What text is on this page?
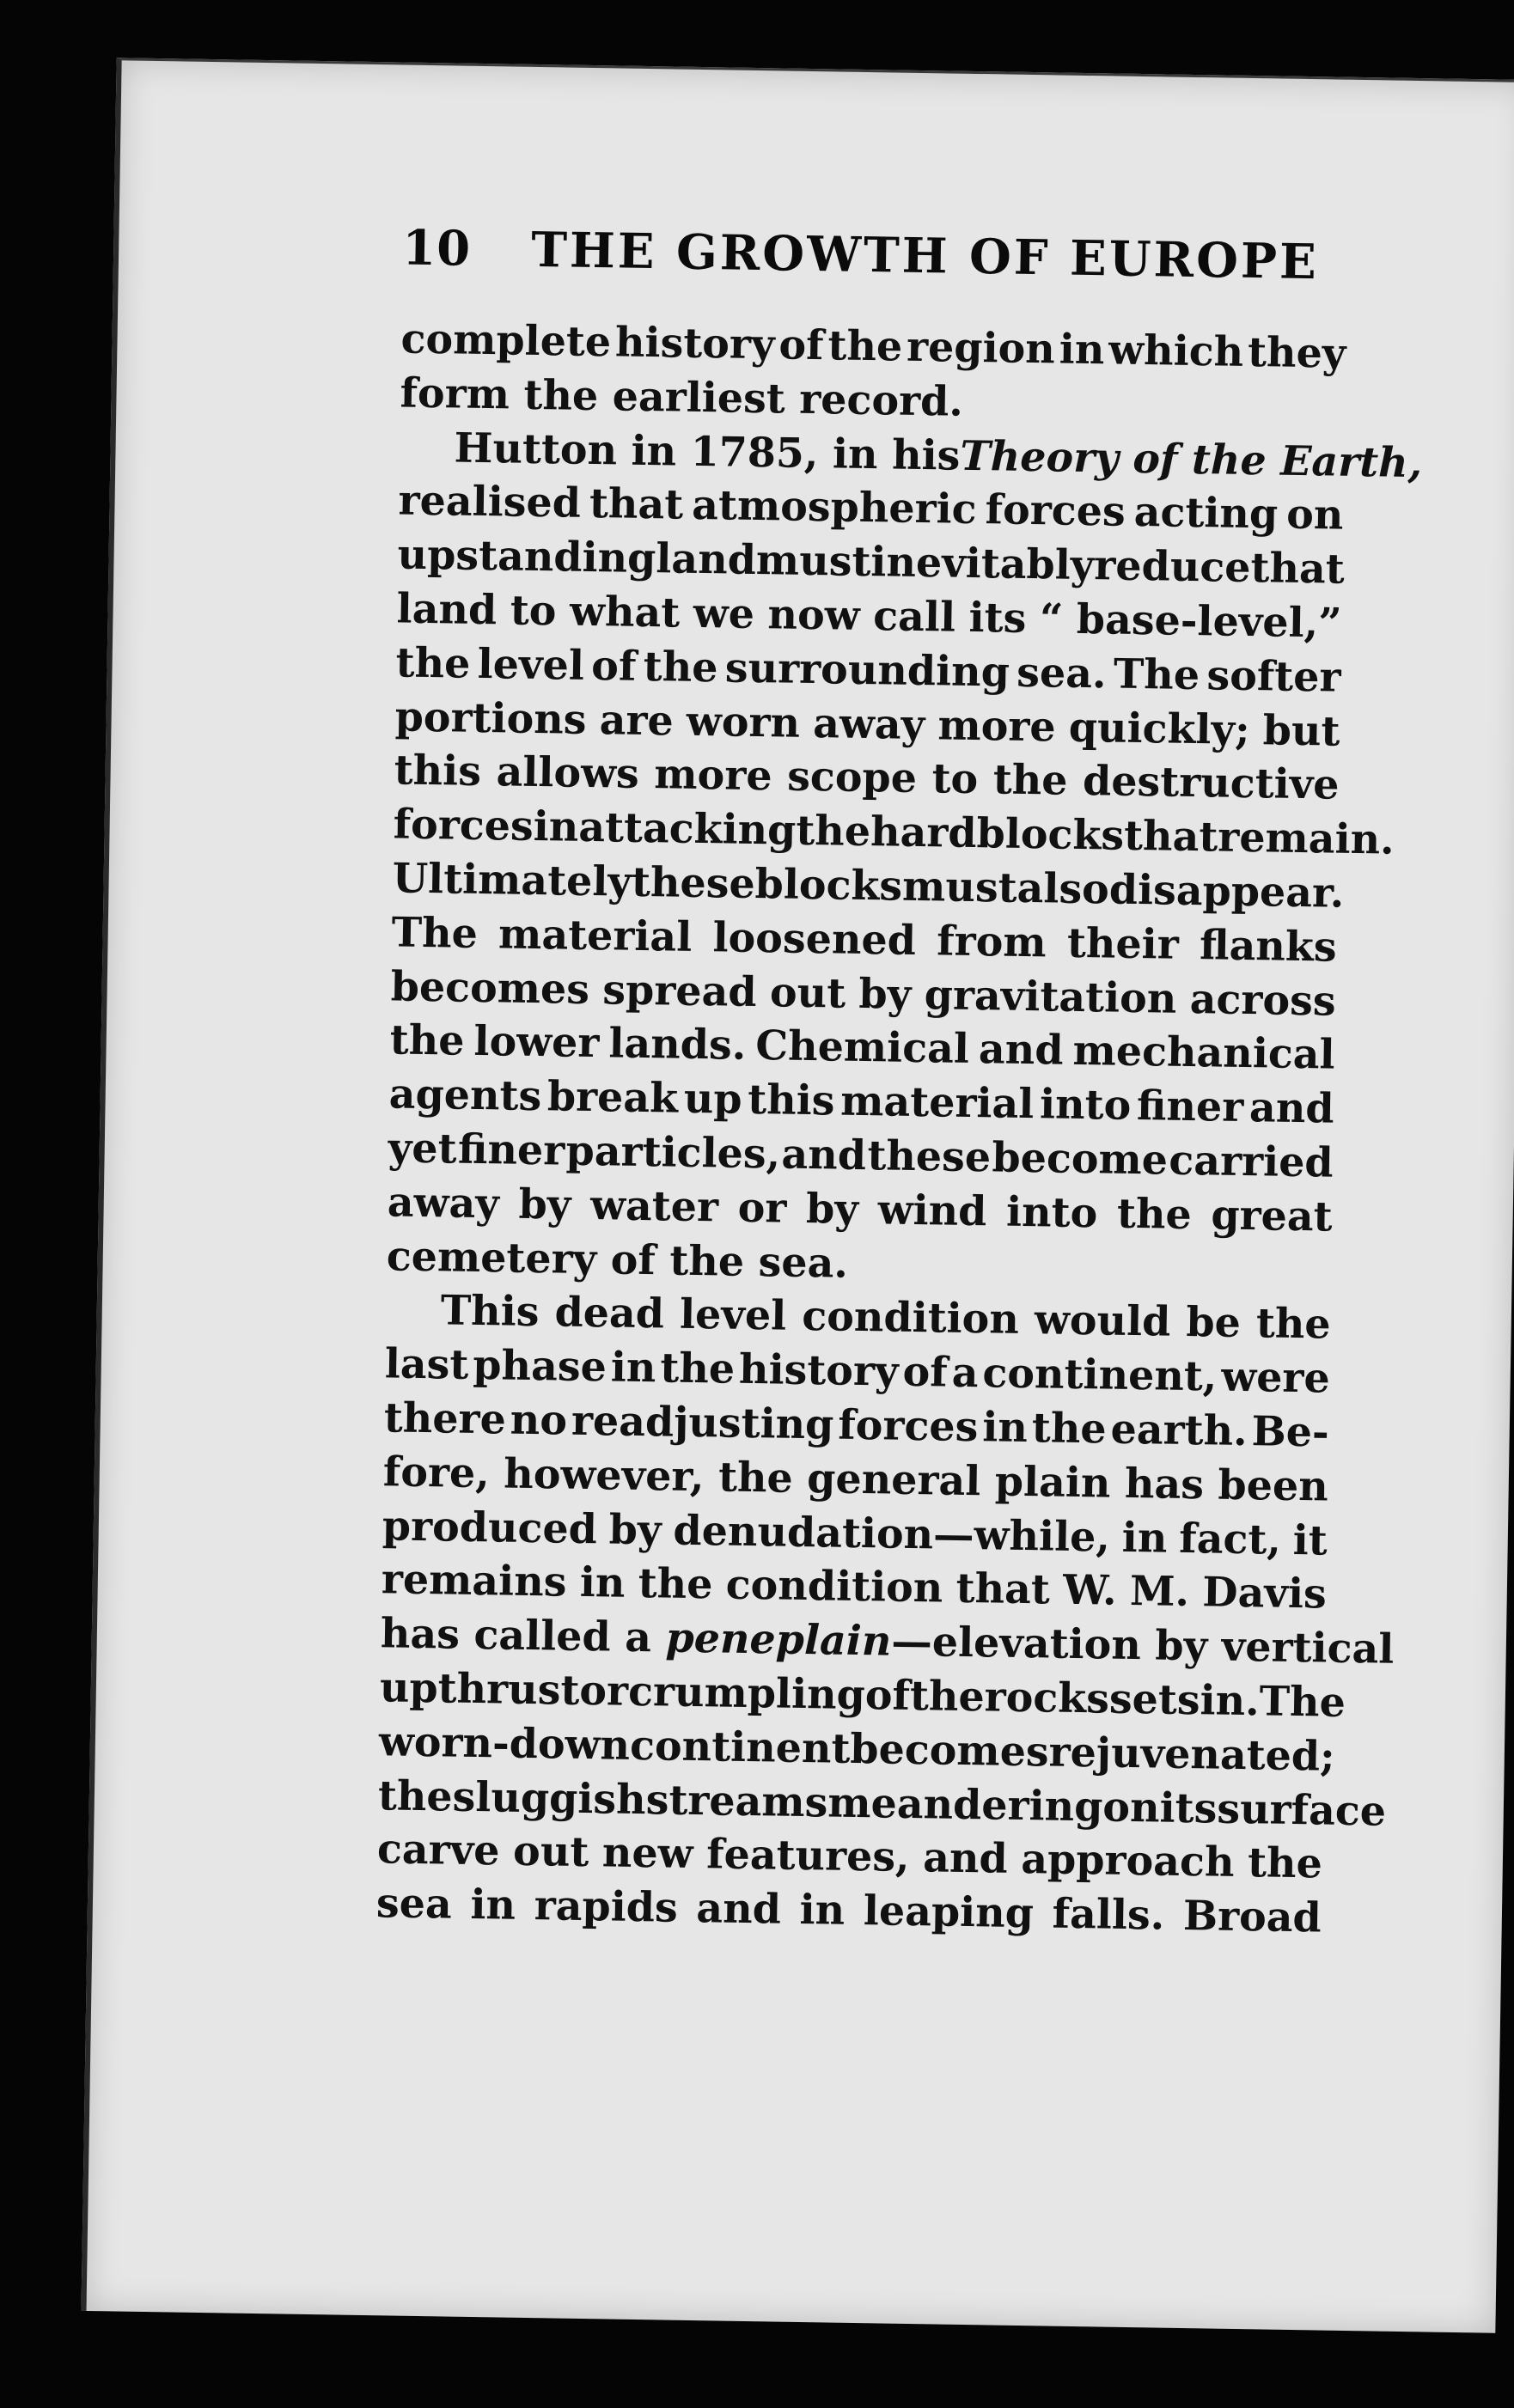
10	THE GROWTH OF EUROPE
complete history of the region in which they
form the earliest record.
Hutton in 1785, in his Theory of the Earth,
realised that atmospheric forces acting on
upstanding land must inevitably reduce that
land to what we now call its “ base-level,”
the level of the surrounding sea. The softer
portions are worn away more quickly; but
this allows more scope to the destructive
forces in attacking the hard blocks that remain.
Ultimately these blocks must also disappear.
The material loosened from their flanks
becomes spread out by gravitation across
the lower lands. Chemical and mechanical
agents break up this material into finer and
yet finer particles, and these become carried
away by water or by wind into the great
cemetery of the sea.
This dead level condition would be the
last phase in the history of a continent, were
there no readjusting forces in the earth. Be-
fore, however, the general plain has been
produced by denudation—while, in fact, it
remains in the condition that W. M. Davis
has called a peneplain—elevation by vertical
upthrust or crumpling of the rocks sets in. The
worn-down continent becomes rejuvenated;
the sluggish streams meandering on its surface
carve out new features, and approach the
sea in rapids and in leaping falls. Broad
